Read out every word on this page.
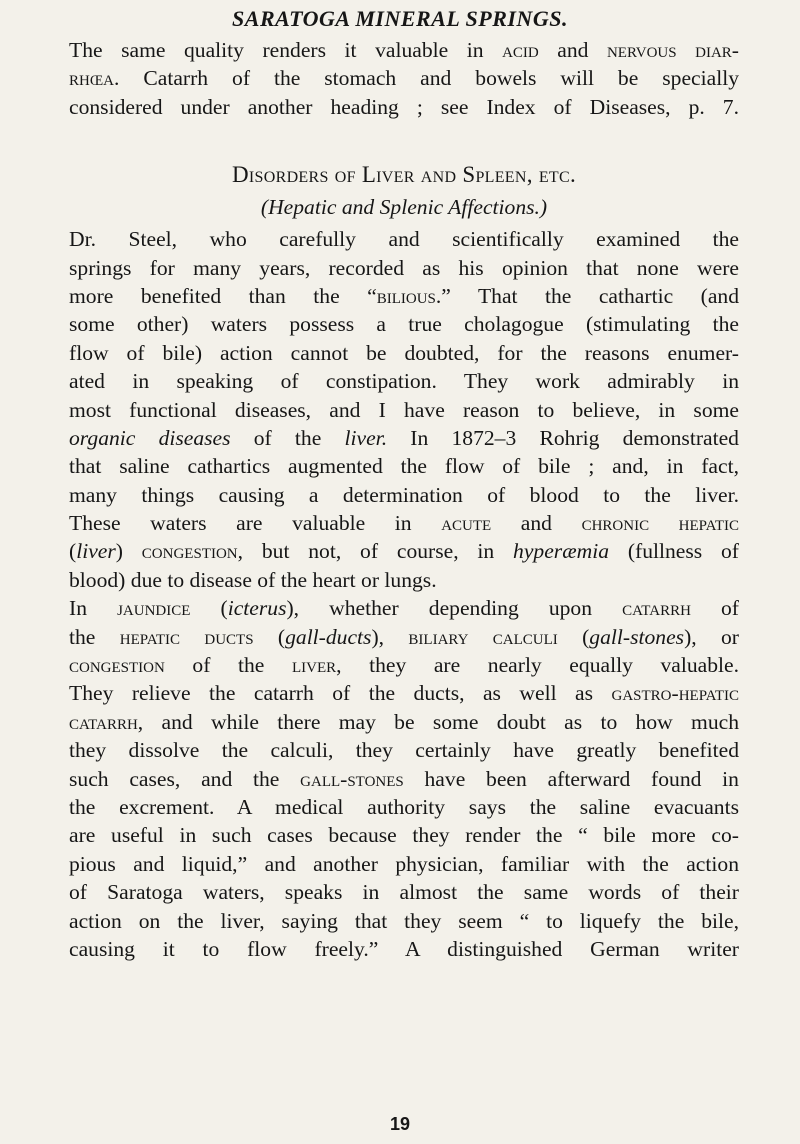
SARATOGA MINERAL SPRINGS.
The same quality renders it valuable in acid and nervous diar-
rhœa. Catarrh of the stomach and bowels will be specially
considered under another heading ; see Index of Diseases, p. 7.
Disorders of Liver and Spleen, etc.
(Hepatic and Splenic Affections.)
Dr. Steel, who carefully and scientifically examined the
springs for many years, recorded as his opinion that none were
more benefited than the “bilious.” That the cathartic (and
some other) waters possess a true cholagogue (stimulating the
flow of bile) action cannot be doubted, for the reasons enumer-
ated in speaking of constipation. They work admirably in
most functional diseases, and I have reason to believe, in some
organic diseases of the liver. In 1872–3 Rohrig demonstrated
that saline cathartics augmented the flow of bile ; and, in fact,
many things causing a determination of blood to the liver.
These waters are valuable in acute and chronic hepatic
(liver) congestion, but not, of course, in hyperæmia (fullness of
blood) due to disease of the heart or lungs.
In jaundice (icterus), whether depending upon catarrh of
the hepatic ducts (gall-ducts), biliary calculi (gall-stones), or
congestion of the liver, they are nearly equally valuable.
They relieve the catarrh of the ducts, as well as gastro-hepatic
catarrh, and while there may be some doubt as to how much
they dissolve the calculi, they certainly have greatly benefited
such cases, and the gall-stones have been afterward found in
the excrement. A medical authority says the saline evacuants
are useful in such cases because they render the “ bile more co-
pious and liquid,” and another physician, familiar with the action
of Saratoga waters, speaks in almost the same words of their
action on the liver, saying that they seem “ to liquefy the bile,
causing it to flow freely.” A distinguished German writer
19
